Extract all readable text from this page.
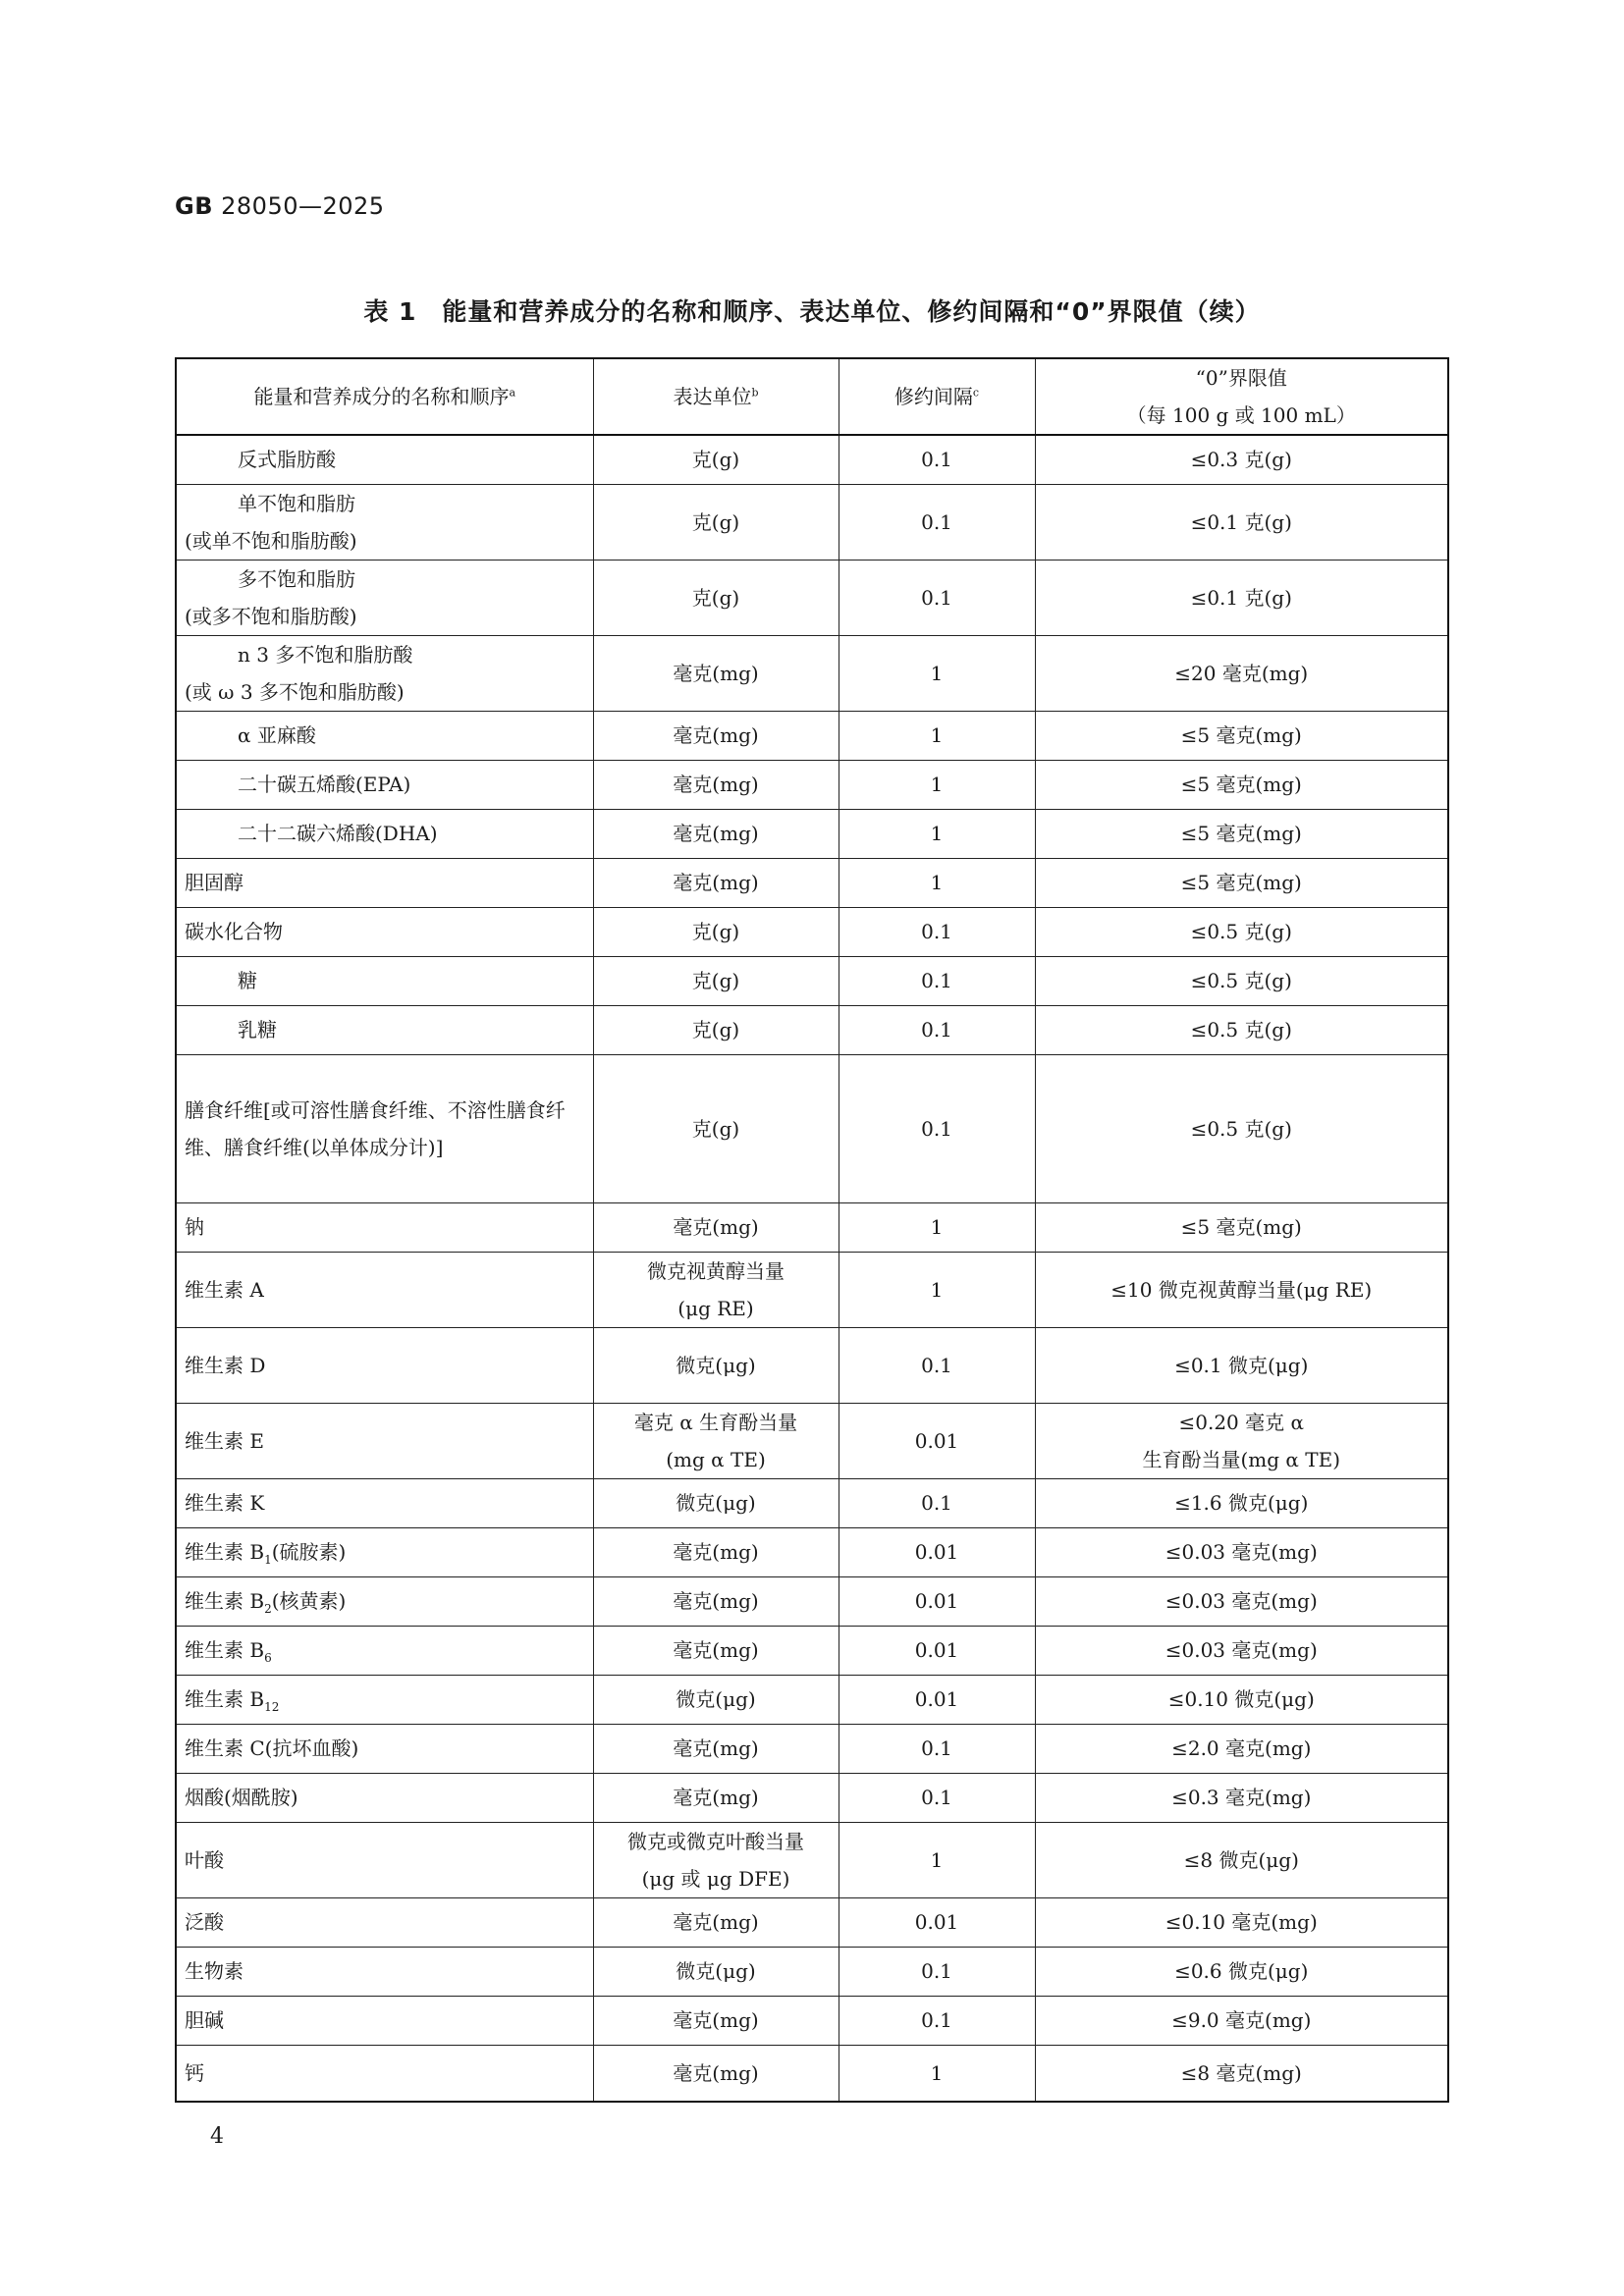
GB 28050—2025
表 1　能量和营养成分的名称和顺序、表达单位、修约间隔和“0”界限值（续）
能量和营养成分的名称和顺序$^a$	表达单位$^b$	修约间隔$^c$	“0”界限值
（每 100 g 或 100 mL）
反式脂肪酸	克(g)	0.1	≤0.3 克(g)
单不饱和脂肪
(或单不饱和脂肪酸)	克(g)	0.1	≤0.1 克(g)
多不饱和脂肪
(或多不饱和脂肪酸)	克(g)	0.1	≤0.1 克(g)
n 3 多不饱和脂肪酸
(或 ω 3 多不饱和脂肪酸)	毫克(mg)	1	≤20 毫克(mg)
α 亚麻酸	毫克(mg)	1	≤5 毫克(mg)
二十碳五烯酸(EPA)	毫克(mg)	1	≤5 毫克(mg)
二十二碳六烯酸(DHA)	毫克(mg)	1	≤5 毫克(mg)
胆固醇	毫克(mg)	1	≤5 毫克(mg)
碳水化合物	克(g)	0.1	≤0.5 克(g)
糖	克(g)	0.1	≤0.5 克(g)
乳糖	克(g)	0.1	≤0.5 克(g)
膳食纤维[或可溶性膳食纤维、不溶性膳食纤维、膳食纤维(以单体成分计)]	克(g)	0.1	≤0.5 克(g)
钠	毫克(mg)	1	≤5 毫克(mg)
维生素 A	微克视黄醇当量
(μg RE)	1	≤10 微克视黄醇当量(μg RE)
维生素 D	微克(μg)	0.1	≤0.1 微克(μg)
维生素 E	毫克 α 生育酚当量
(mg α TE)	0.01	≤0.20 毫克 α
生育酚当量(mg α TE)
维生素 K	微克(μg)	0.1	≤1.6 微克(μg)
维生素 $B_1$(硫胺素)	毫克(mg)	0.01	≤0.03 毫克(mg)
维生素 $B_2$(核黄素)	毫克(mg)	0.01	≤0.03 毫克(mg)
维生素 $B_6$	毫克(mg)	0.01	≤0.03 毫克(mg)
维生素 $B_{12}$	微克(μg)	0.01	≤0.10 微克(μg)
维生素 C(抗坏血酸)	毫克(mg)	0.1	≤2.0 毫克(mg)
烟酸(烟酰胺)	毫克(mg)	0.1	≤0.3 毫克(mg)
叶酸	微克或微克叶酸当量
(μg 或 μg DFE)	1	≤8 微克(μg)
泛酸	毫克(mg)	0.01	≤0.10 毫克(mg)
生物素	微克(μg)	0.1	≤0.6 微克(μg)
胆碱	毫克(mg)	0.1	≤9.0 毫克(mg)
钙	毫克(mg)	1	≤8 毫克(mg)
4
